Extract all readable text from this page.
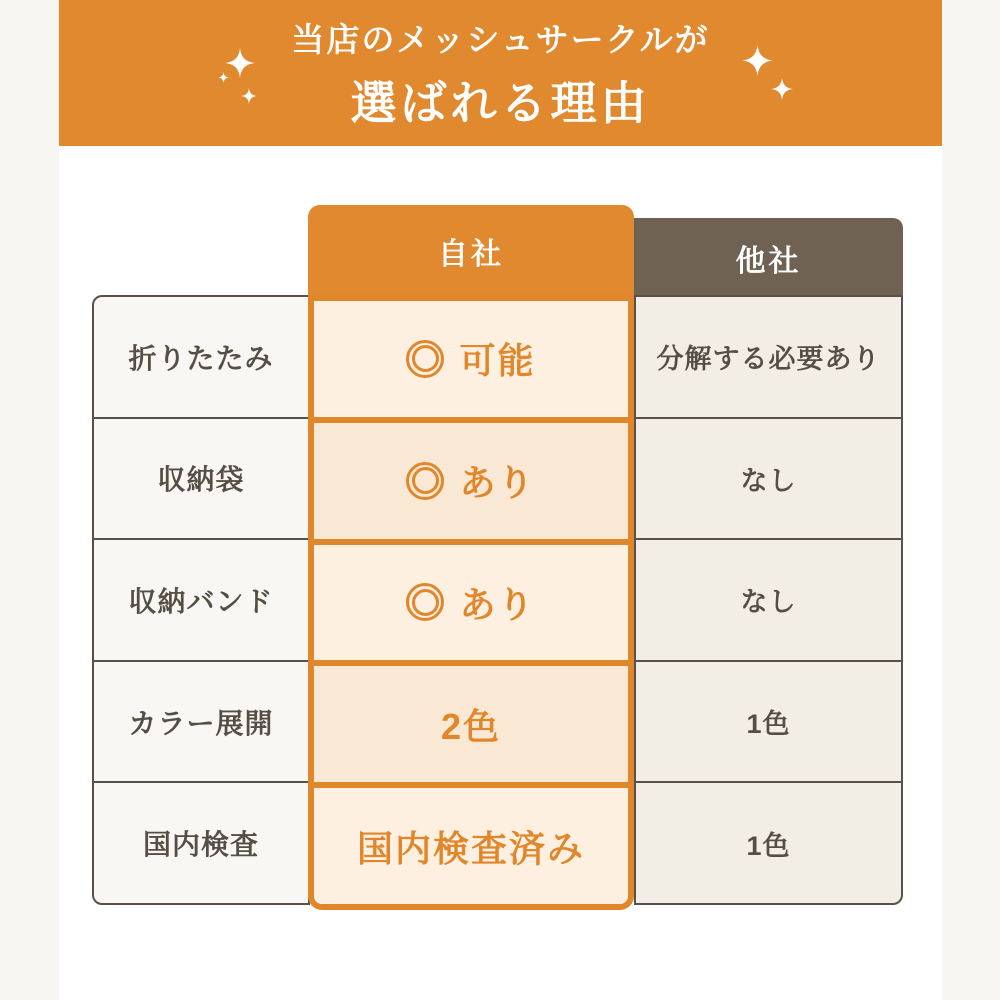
当店のメッシュサークルが
選ばれる理由
自社	他社
折りたたみ
収納袋
収納バンド
カラー展開
国内検査
分解する必要あり
なし
なし
1色
1色
可能
あり
あり
2色
国内検査済み
